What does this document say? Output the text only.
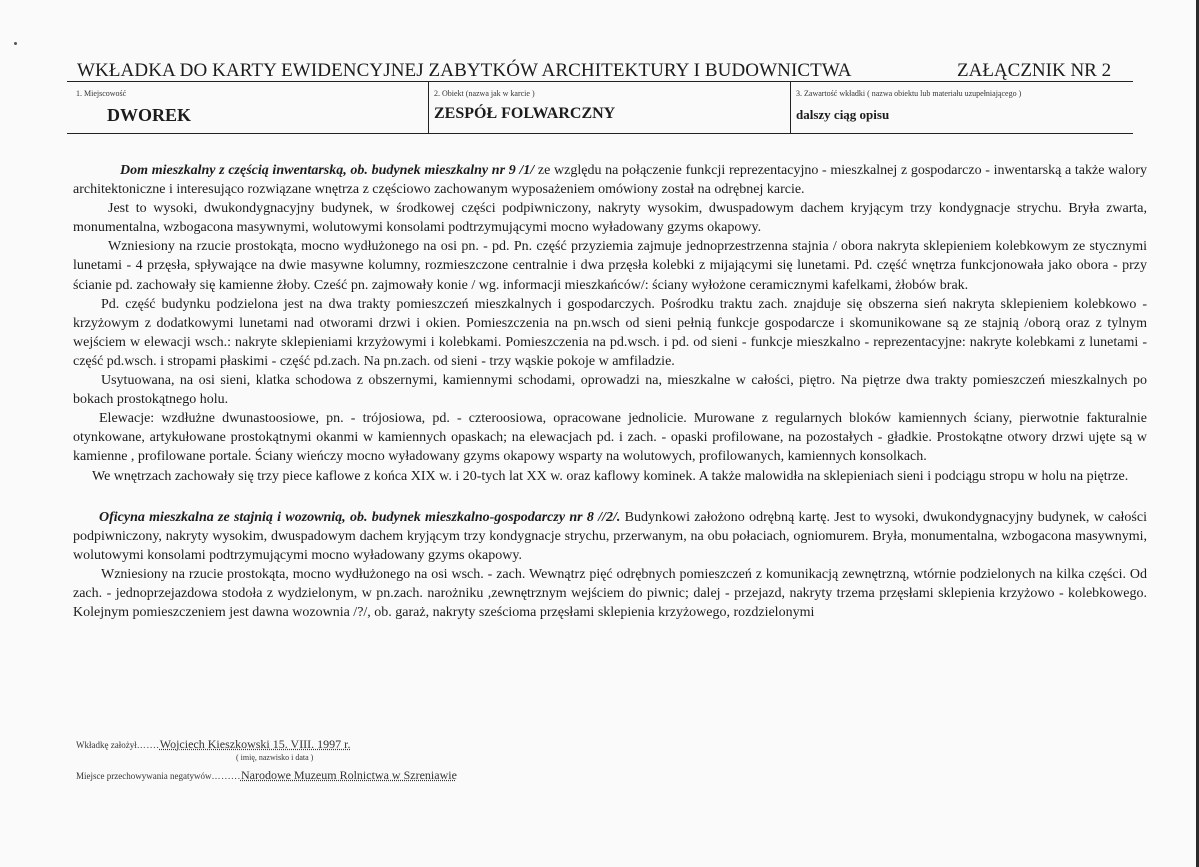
WKŁADKA DO KARTY EWIDENCYJNEJ ZABYTKÓW ARCHITEKTURY I BUDOWNICTWA	ZAŁĄCZNIK NR 2
1. Miejscowość
DWOREK
2. Obiekt (nazwa jak w karcie )
ZESPÓŁ FOLWARCZNY
3. Zawartość wkładki ( nazwa obiektu lub materiału uzupełniającego )
dalszy ciąg opisu

Dom mieszkalny z częścią inwentarską, ob. budynek mieszkalny nr 9 /1/ ze względu na połączenie funkcji reprezentacyjno - mieszkalnej z gospodarczo - inwentarską a także walory architektoniczne i interesująco rozwiązane wnętrza z częściowo zachowanym wyposażeniem omówiony został na odrębnej karcie.

Jest to wysoki, dwukondygnacyjny budynek, w środkowej części podpiwniczony, nakryty wysokim, dwuspadowym dachem kryjącym trzy kondygnacje strychu. Bryła zwarta, monumentalna, wzbogacona masywnymi, wolutowymi konsolami podtrzymującymi mocno wyładowany gzyms okapowy.

Wzniesiony na rzucie prostokąta, mocno wydłużonego na osi pn. - pd. Pn. część przyziemia zajmuje jednoprzestrzenna stajnia / obora nakryta sklepieniem kolebkowym ze stycznymi lunetami - 4 przęsła, spływające na dwie masywne kolumny, rozmieszczone centralnie i dwa przęsła kolebki z mijającymi się lunetami. Pd. część wnętrza funkcjonowała jako obora - przy ścianie pd. zachowały się kamienne żłoby. Cześć pn. zajmowały konie / wg. informacji mieszkańców/: ściany wyłożone ceramicznymi kafelkami, żłobów brak.

Pd. część budynku podzielona jest na dwa trakty pomieszczeń mieszkalnych i gospodarczych. Pośrodku traktu zach. znajduje się obszerna sień nakryta sklepieniem kolebkowo - krzyżowym z dodatkowymi lunetami nad otworami drzwi i okien. Pomieszczenia na pn.wsch od sieni pełnią funkcje gospodarcze i skomunikowane są ze stajnią /oborą oraz z tylnym wejściem w elewacji wsch.: nakryte sklepieniami krzyżowymi i kolebkami. Pomieszczenia na pd.wsch. i pd. od sieni - funkcje mieszkalno - reprezentacyjne: nakryte kolebkami z lunetami - część pd.wsch. i stropami płaskimi - część pd.zach. Na pn.zach. od sieni - trzy wąskie pokoje w amfiladzie.

Usytuowana, na osi sieni, klatka schodowa z obszernymi, kamiennymi schodami, oprowadzi na, mieszkalne w całości, piętro. Na piętrze dwa trakty pomieszczeń mieszkalnych po bokach prostokątnego holu.

Elewacje: wzdłużne dwunastoosiowe, pn. - trójosiowa, pd. - czteroosiowa, opracowane jednolicie. Murowane z regularnych bloków kamiennych ściany, pierwotnie fakturalnie otynkowane, artykułowane prostokątnymi okanmi w kamiennych opaskach; na elewacjach pd. i zach. - opaski profilowane, na pozostałych - gładkie. Prostokątne otwory drzwi ujęte są w kamienne , profilowane portale. Ściany wieńczy mocno wyładowany gzyms okapowy wsparty na wolutowych, profilowanych, kamiennych konsolkach.

We wnętrzach zachowały się trzy piece kaflowe z końca XIX w. i 20-tych lat XX w. oraz kaflowy kominek. A także malowidła na sklepieniach sieni i podciągu stropu w holu na piętrze.

Oficyna mieszkalna ze stajnią i wozownią, ob. budynek mieszkalno-gospodarczy nr 8 //2/. Budynkowi założono odrębną kartę. Jest to wysoki, dwukondygnacyjny budynek, w całości podpiwniczony, nakryty wysokim, dwuspadowym dachem kryjącym trzy kondygnacje strychu, przerwanym, na obu połaciach, ogniomurem. Bryła, monumentalna, wzbogacona masywnymi, wolutowymi konsolami podtrzymującymi mocno wyładowany gzyms okapowy.

Wzniesiony na rzucie prostokąta, mocno wydłużonego na osi wsch. - zach. Wewnątrz pięć odrębnych pomieszczeń z komunikacją zewnętrzną, wtórnie podzielonych na kilka części. Od zach. - jednoprzejazdowa stodoła z wydzielonym, w pn.zach. narożniku ,zewnętrznym wejściem do piwnic; dalej - przejazd, nakryty trzema przęsłami sklepienia krzyżowo - kolebkowego. Kolejnym pomieszczeniem jest dawna wozownia /?/, ob. garaż, nakryty sześcioma przęsłami sklepienia krzyżowego, rozdzielonymi

Wkładkę założył…....Wojciech Kieszkowski 15. VIII. 1997 r.
( imię, nazwisko i data )
Miejsce przechowywania negatywów…......Narodowe Muzeum Rolnictwa w Szreniawie
